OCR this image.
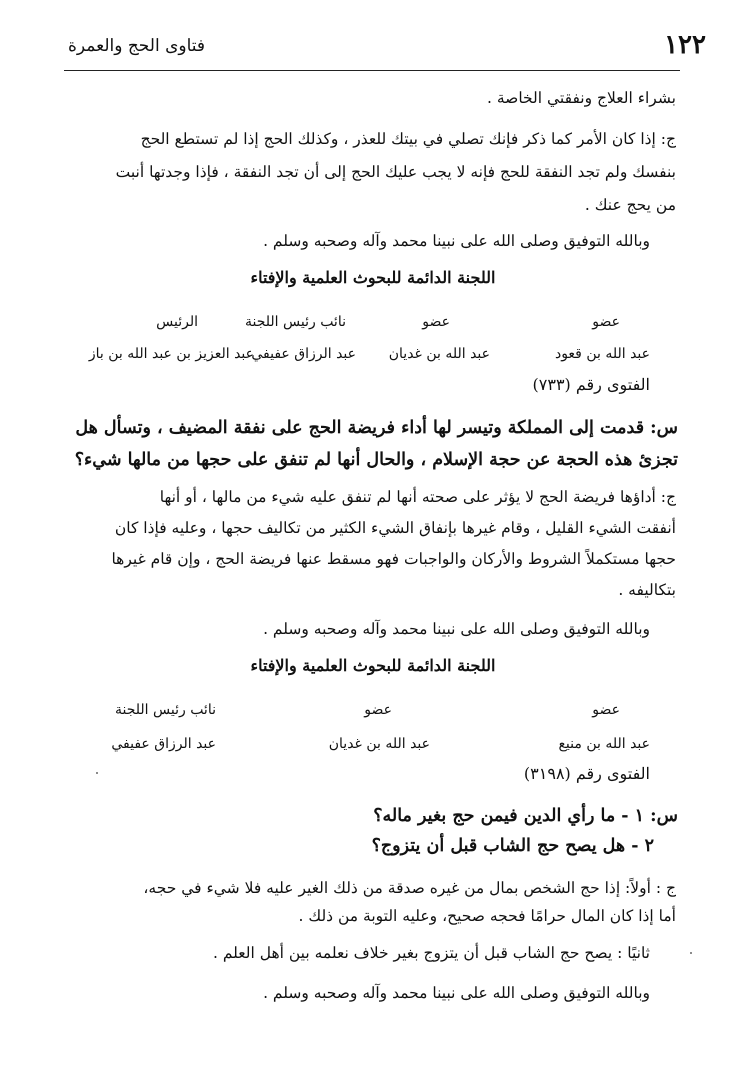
١٢٢
فتاوى الحج والعمرة
بشراء العلاج ونفقتي الخاصة .
ج: إذا كان الأمر كما ذكر فإنك تصلي في بيتك للعذر ، وكذلك الحج إذا لم تستطع الحج
بنفسك ولم تجد النفقة للحج فإنه لا يجب عليك الحج إلى أن تجد النفقة ، فإذا وجدتها أنبت
من يحج عنك .
وبالله التوفيق وصلى الله على نبينا محمد وآله وصحبه وسلم .
اللجنة الدائمة للبحوث العلمية والإفتاء
عضو
عضو
نائب رئيس اللجنة
الرئيس
عبد الله بن قعود
عبد الله بن غديان
عبد الرزاق عفيفي
عبد العزيز بن عبد الله بن باز
الفتوى رقم (٧٣٣)
س: قدمت إلى المملكة وتيسر لها أداء فريضة الحج على نفقة المضيف ، وتسأل هل
تجزئ هذه الحجة عن حجة الإسلام ، والحال أنها لم تنفق على حجها من مالها شيء؟
ج: أداؤها فريضة الحج لا يؤثر على صحته أنها لم تنفق عليه شيء من مالها ، أو أنها
أنفقت الشيء القليل ، وقام غيرها بإنفاق الشيء الكثير من تكاليف حجها ، وعليه فإذا كان
حجها مستكملاً الشروط والأركان والواجبات فهو مسقط عنها فريضة الحج ، وإن قام غيرها
بتكاليفه .
وبالله التوفيق وصلى الله على نبينا محمد وآله وصحبه وسلم .
اللجنة الدائمة للبحوث العلمية والإفتاء
عضو
عضو
نائب رئيس اللجنة
عبد الله بن منيع
عبد الله بن غديان
عبد الرزاق عفيفي
الفتوى رقم (٣١٩٨)
س: ١ - ما رأي الدين فيمن حج بغير ماله؟
٢ - هل يصح حج الشاب قبل أن يتزوج؟
ج : أولاً: إذا حج الشخص بمال من غيره صدقة من ذلك الغير عليه فلا شيء في حجه،
أما إذا كان المال حرامًا فحجه صحيح، وعليه التوبة من ذلك .
ثانيًا : يصح حج الشاب قبل أن يتزوج بغير خلاف نعلمه بين أهل العلم .
وبالله التوفيق وصلى الله على نبينا محمد وآله وصحبه وسلم .
